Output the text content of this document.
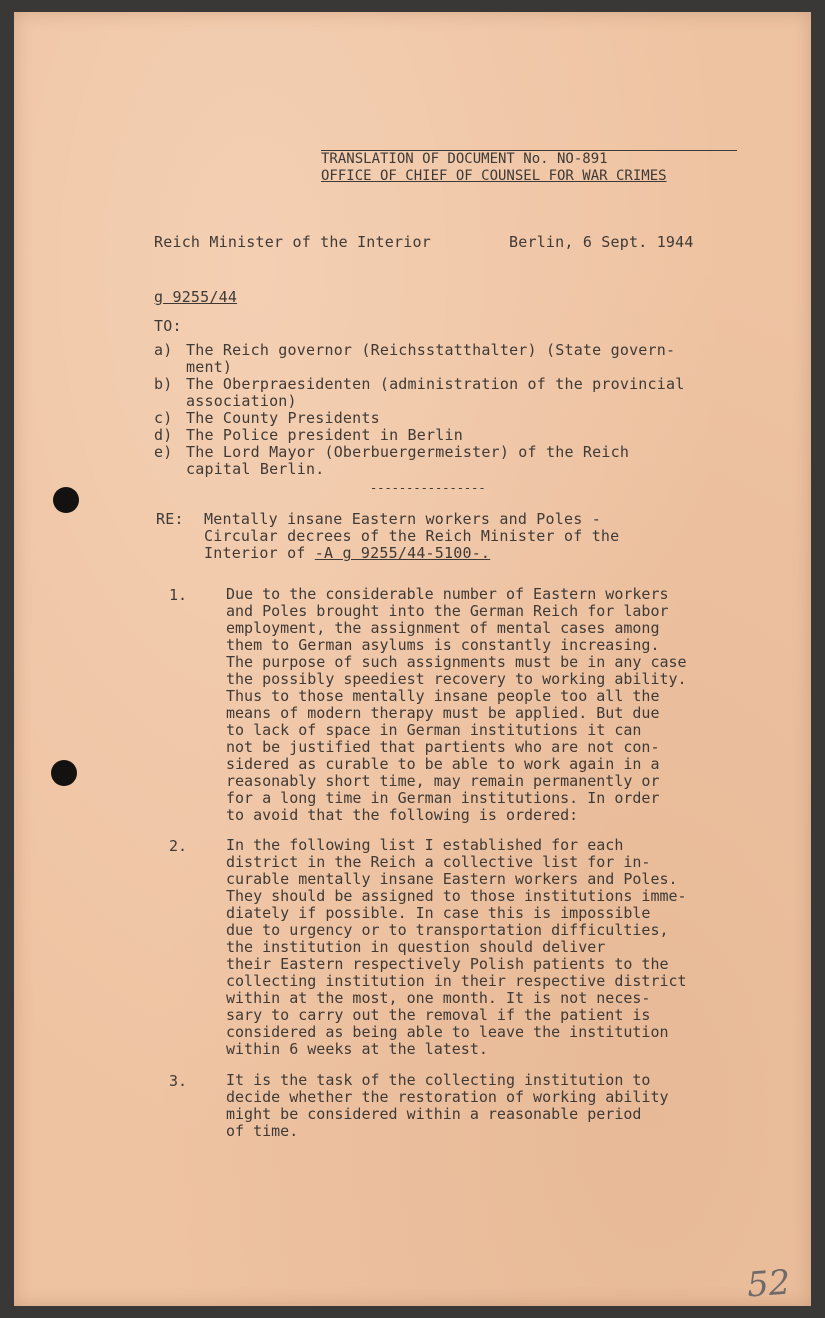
TRANSLATION OF DOCUMENT No. NO-891
OFFICE OF CHIEF OF COUNSEL FOR WAR CRIMES
Reich Minister of the Interior	Berlin, 6 Sept. 1944
g 9255/44
TO:
a) The Reich governor (Reichsstatthalter) (State govern-
ment)
b) The Oberpraesidenten (administration of the provincial
association)
c) The County Presidents
d) The Police president in Berlin
e) The Lord Mayor (Oberbuergermeister) of the Reich
capital Berlin.
----------------
RE: Mentally insane Eastern workers and Poles -
Circular decrees of the Reich Minister of the
Interior of -A g 9255/44-5100-.
1.	Due to the considerable number of Eastern workers
and Poles brought into the German Reich for labor
employment, the assignment of mental cases among
them to German asylums is constantly increasing.
The purpose of such assignments must be in any case
the possibly speediest recovery to working ability.
Thus to those mentally insane people too all the
means of modern therapy must be applied. But due
to lack of space in German institutions it can
not be justified that partients who are not con-
sidered as curable to be able to work again in a
reasonably short time, may remain permanently or
for a long time in German institutions. In order
to avoid that the following is ordered:
2.	In the following list I established for each
district in the Reich a collective list for in-
curable mentally insane Eastern workers and Poles.
They should be assigned to those institutions imme-
diately if possible. In case this is impossible
due to urgency or to transportation difficulties,
the institution in question should deliver
their Eastern respectively Polish patients to the
collecting institution in their respective district
within at the most, one month. It is not neces-
sary to carry out the removal if the patient is
considered as being able to leave the institution
within 6 weeks at the latest.
3.	It is the task of the collecting institution to
decide whether the restoration of working ability
might be considered within a reasonable period
of time.
52
